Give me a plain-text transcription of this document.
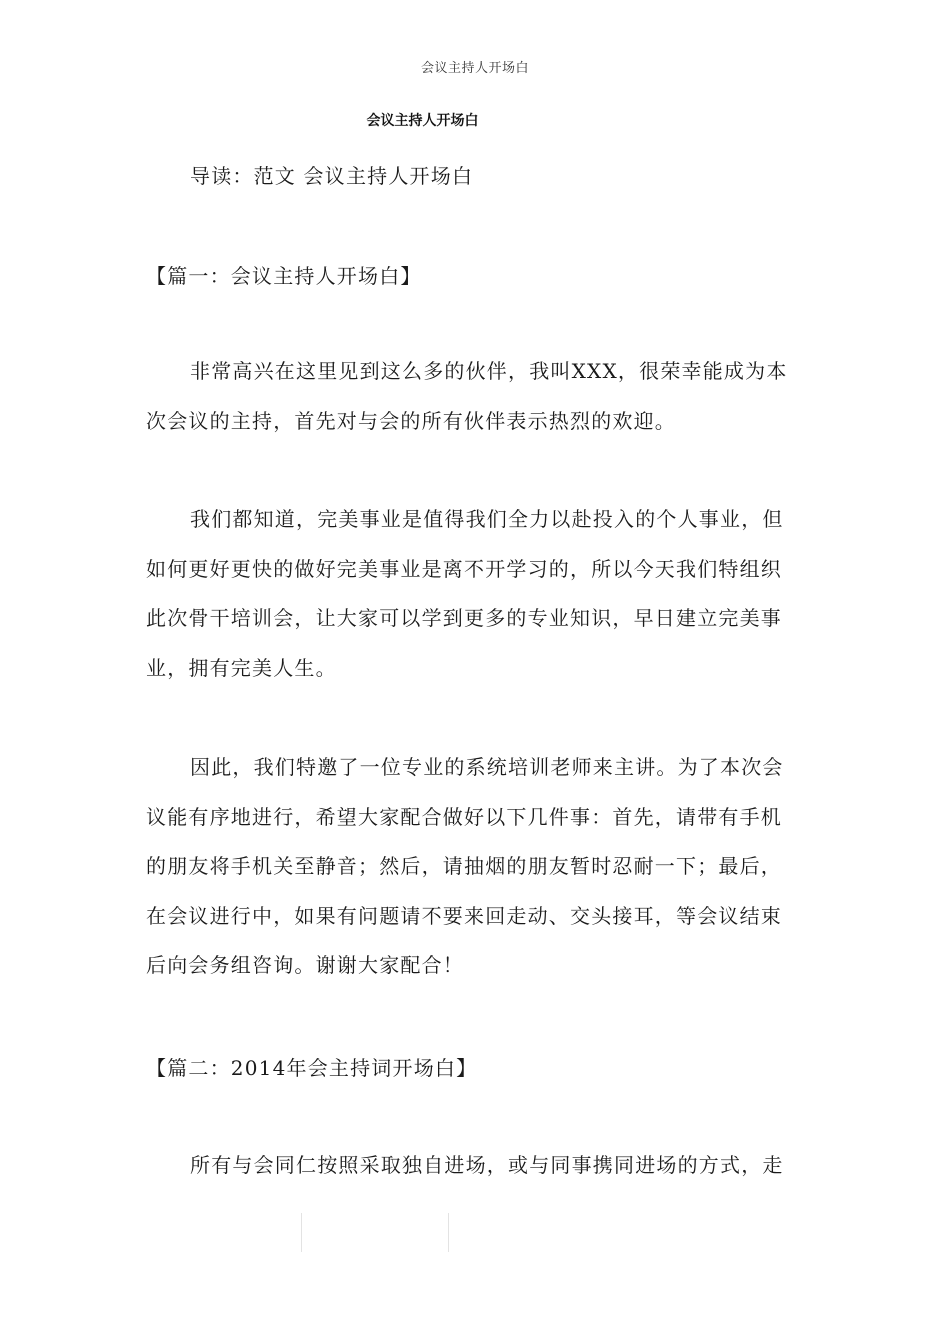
会议主持人开场白
会议主持人开场白
导读：范文 会议主持人开场白
【篇一：会议主持人开场白】
非常高兴在这里见到这么多的伙伴，我叫XXX，很荣幸能成为本
次会议的主持，首先对与会的所有伙伴表示热烈的欢迎。
我们都知道，完美事业是值得我们全力以赴投入的个人事业，但
如何更好更快的做好完美事业是离不开学习的，所以今天我们特组织
此次骨干培训会，让大家可以学到更多的专业知识，早日建立完美事
业，拥有完美人生。
因此，我们特邀了一位专业的系统培训老师来主讲。为了本次会
议能有序地进行，希望大家配合做好以下几件事：首先，请带有手机
的朋友将手机关至静音；然后，请抽烟的朋友暂时忍耐一下；最后，
在会议进行中，如果有问题请不要来回走动、交头接耳，等会议结束
后向会务组咨询。谢谢大家配合！
【篇二：2014年会主持词开场白】
所有与会同仁按照采取独自进场，或与同事携同进场的方式，走
